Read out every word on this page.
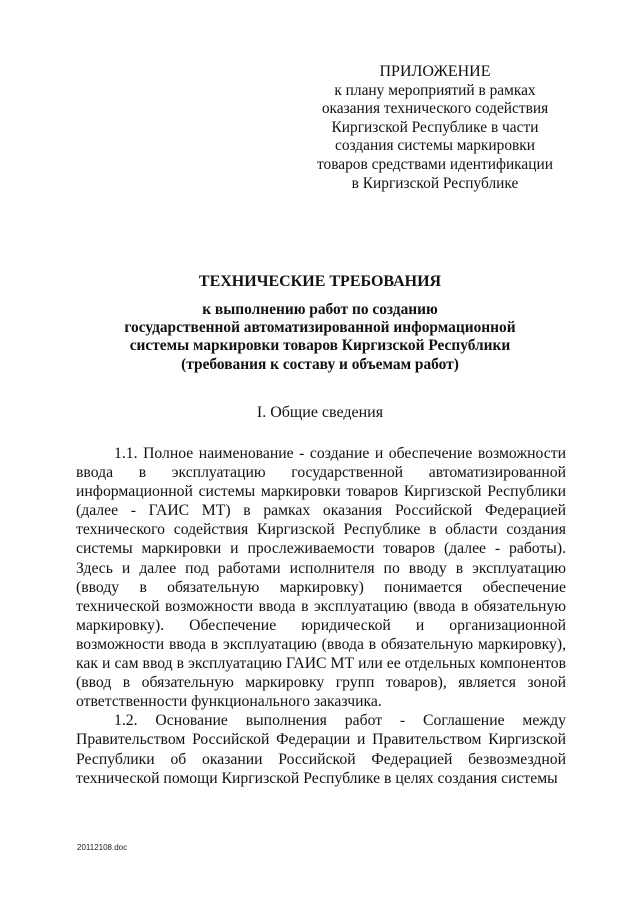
ПРИЛОЖЕНИЕ
к плану мероприятий в рамках
оказания технического содействия
Киргизской Республике в части
создания системы маркировки
товаров средствами идентификации
в Киргизской Республике
ТЕХНИЧЕСКИЕ ТРЕБОВАНИЯ
к выполнению работ по созданию
государственной автоматизированной информационной
системы маркировки товаров Киргизской Республики
(требования к составу и объемам работ)
I. Общие сведения

1.1. Полное наименование - создание и обеспечение возможности ввода в эксплуатацию государственной автоматизированной информационной системы маркировки товаров Киргизской Республики (далее - ГАИС МТ) в рамках оказания Российской Федерацией технического содействия Киргизской Республике в области создания системы маркировки и прослеживаемости товаров (далее - работы). Здесь и далее под работами исполнителя по вводу в эксплуатацию (вводу в обязательную маркировку) понимается обеспечение технической возможности ввода в эксплуатацию (ввода в обязательную маркировку). Обеспечение юридической и организационной возможности ввода в эксплуатацию (ввода в обязательную маркировку), как и сам ввод в эксплуатацию ГАИС МТ или ее отдельных компонентов (ввод в обязательную маркировку групп товаров), является зоной ответственности функционального заказчика.

1.2. Основание выполнения работ - Соглашение между Правительством Российской Федерации и Правительством Киргизской Республики об оказании Российской Федерацией безвозмездной технической помощи Киргизской Республике в целях создания системы

20112108.doc
